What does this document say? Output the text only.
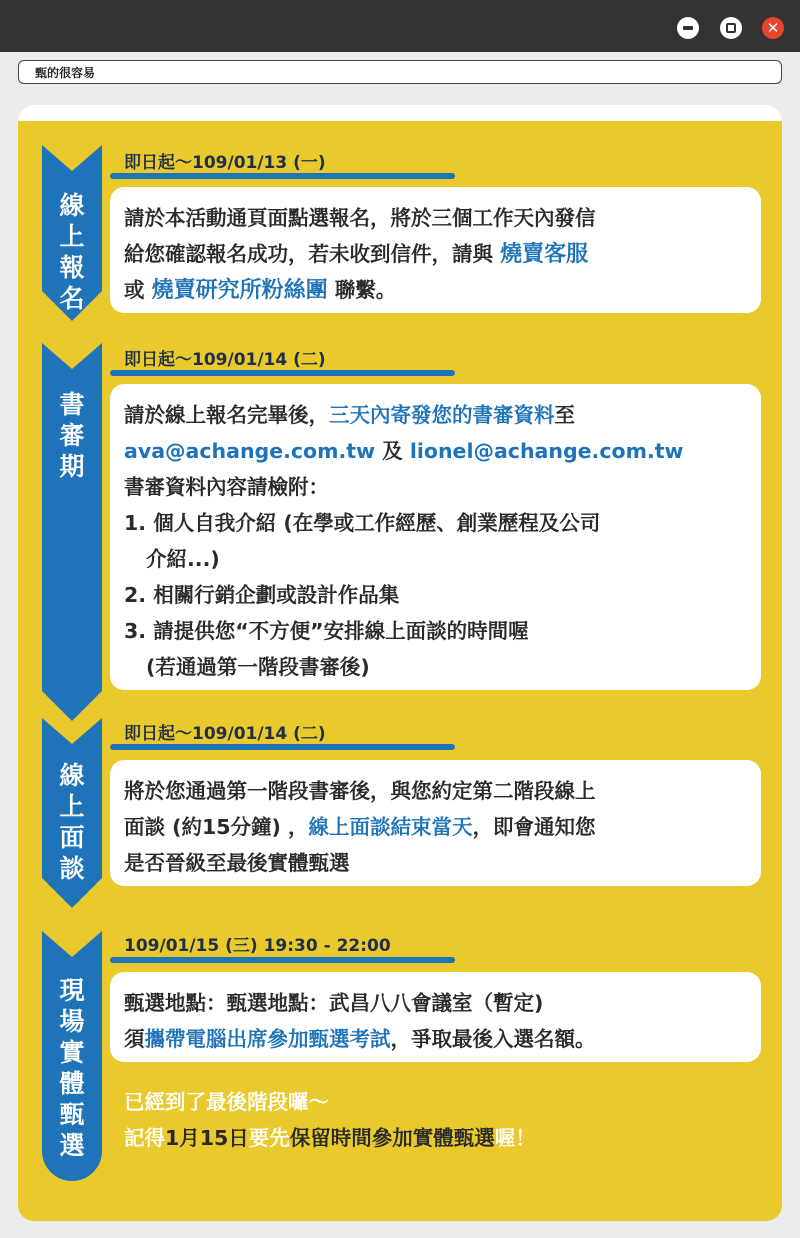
✕
甄的很容易
線
上
報
名
即日起～109/01/13 (一)
請於本活動通頁面點選報名，將於三個工作天內發信
給您確認報名成功，若未收到信件，請與 燒賣客服
或 燒賣研究所粉絲團 聯繫。
書
審
期
即日起～109/01/14 (二)
請於線上報名完畢後，三天內寄發您的書審資料至
ava@achange.com.tw 及 lionel@achange.com.tw
書審資料內容請檢附：
1. 個人自我介紹 (在學或工作經歷、創業歷程及公司
介紹...)
2. 相關行銷企劃或設計作品集
3. 請提供您“不方便”安排線上面談的時間喔
(若通過第一階段書審後)
線
上
面
談
即日起～109/01/14 (二)
將於您通過第一階段書審後，與您約定第二階段線上
面談 (約15分鐘) ，線上面談結束當天，即會通知您
是否晉級至最後實體甄選
現
場
實
體
甄
選
109/01/15 (三) 19:30 - 22:00
甄選地點：甄選地點：武昌八八會議室（暫定)
須攜帶電腦出席參加甄選考試，爭取最後入選名額。
已經到了最後階段囉～
記得1月15日要先保留時間參加實體甄選喔！
